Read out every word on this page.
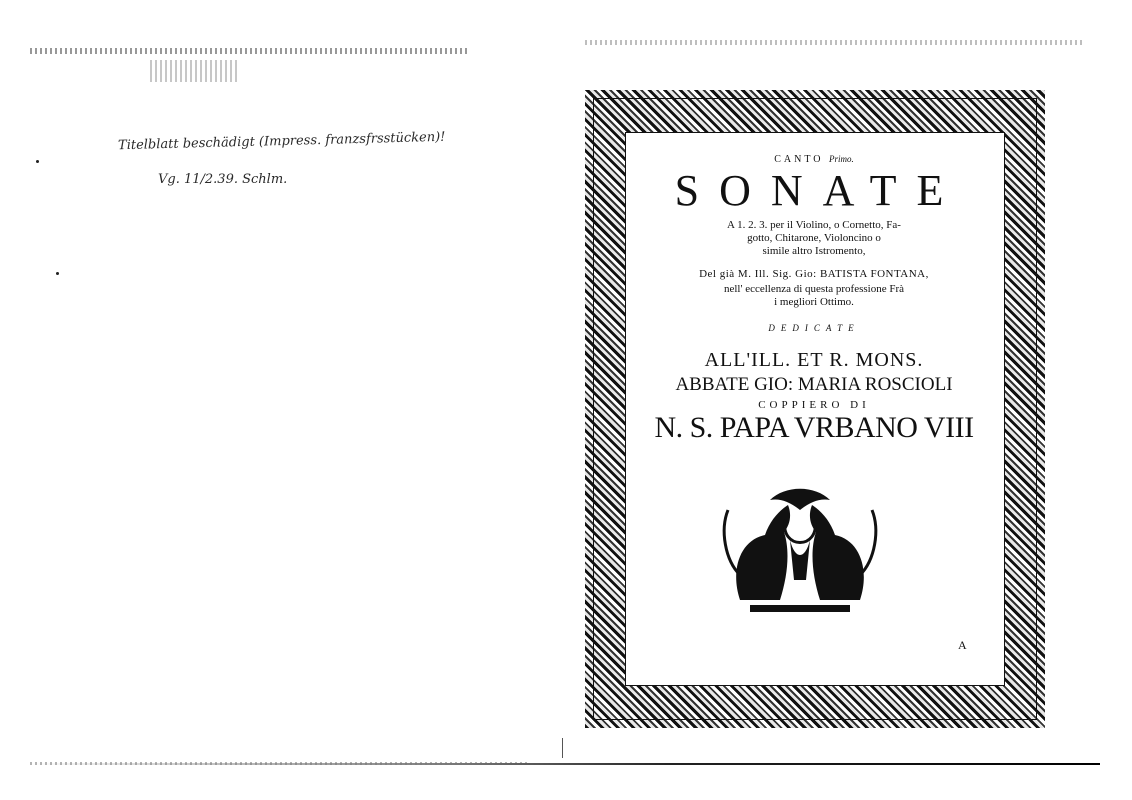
Titelblatt beschädigt (Impress. franzsfrsstücken)!
Vg. 11/2.39. Schlm.
CANTO Primo.
SONATE
A 1. 2. 3. per il Violino, o Cornetto, Fa-
gotto, Chitarone, Violoncino o
simile altro Istromento,
Del già M. Ill. Sig. Gio: BATISTA FONTANA,
nell' eccellenza di questa professione Frà
i megliori Ottimo.
DEDICATE
ALL'ILL. ET R. MONS.
ABBATE GIO: MARIA ROSCIOLI
COPPIERO DI
N. S. PAPA VRBANO VIII
A
